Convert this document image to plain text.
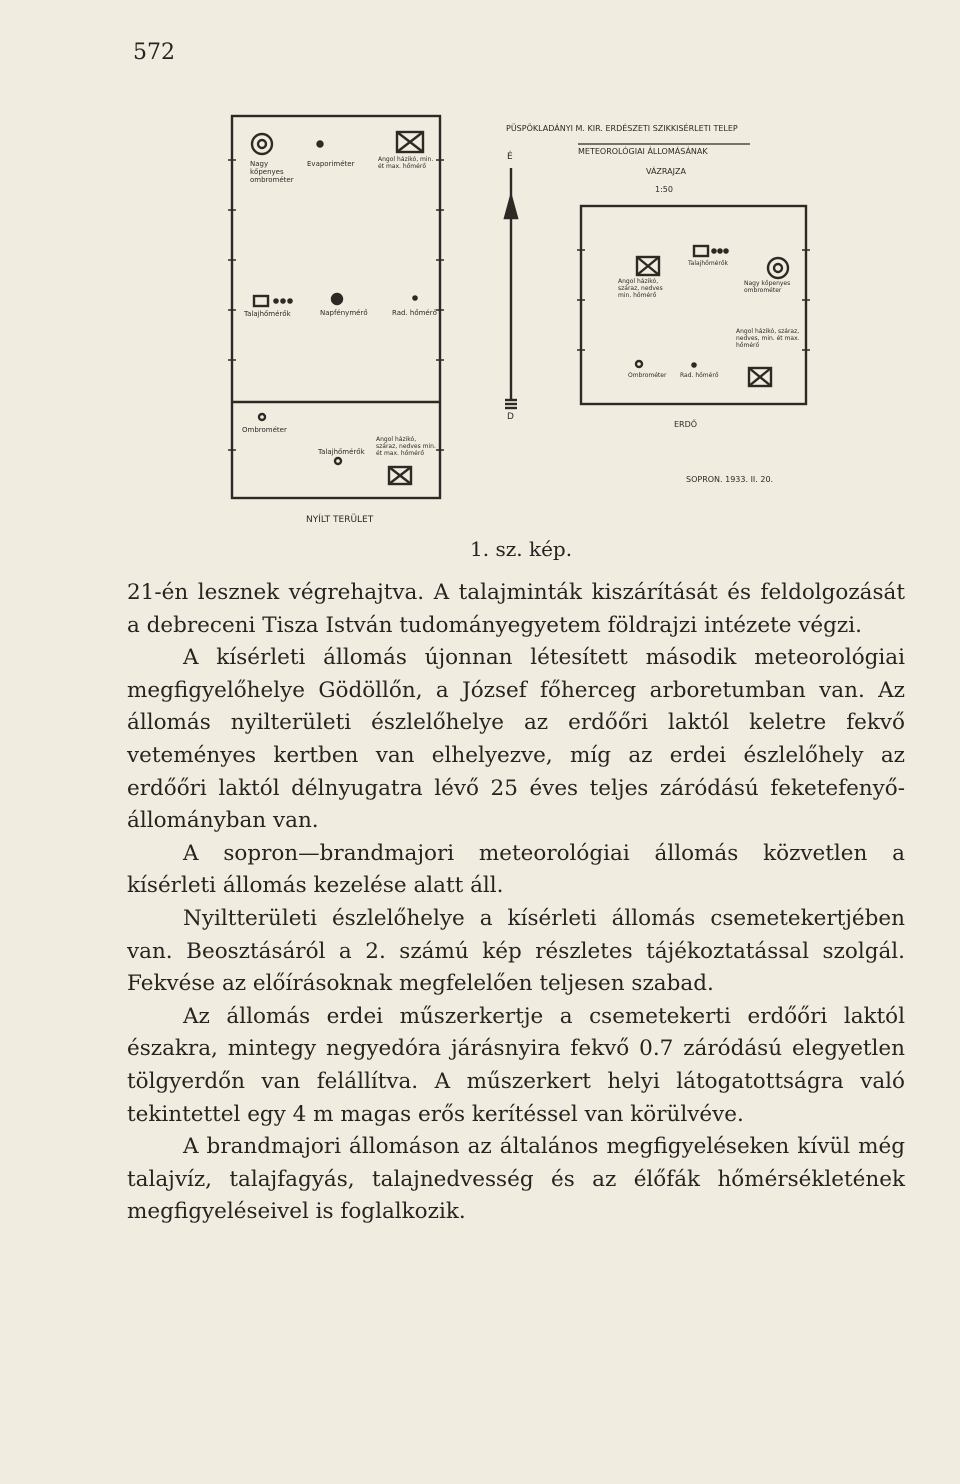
572
Nagy kőpenyes ombrométer
Evaporiméter
Angol házikó, min. ét max. hőmérő
Talajhőmérők	Napfénymérő	Rad. hőmérő
Ombrométer
Talajhőmérők
Angol házikó, száraz, nedves min. ét max. hőmérő
NYÍLT TERÜLET
É
D
PÜSPÖKLADÁNYI M. KIR. ERDÉSZETI SZIKKISÉRLETI TELEP
METEOROLÓGIAI ÁLLOMÁSÁNAK
VÁZRAJZA
1:50
Talajhőmérők
Angol házikó, száraz, nedves min. hőmérő
Nagy kőpenyes ombrométer
Angol házikó, száraz, nedves, min. ét max. hőmérő
Ombrométer Rad. hőmérő
ERDŐ
SOPRON. 1933. II. 20.
1. sz. kép.

21-én lesznek végrehajtva. A talajminták kiszárítását és feldolgozását a debreceni Tisza István tudományegyetem földrajzi intézete végzi.

A kísérleti állomás újonnan létesített második meteorológiai megfigyelőhelye Gödöllőn, a József főherceg arboretumban van. Az állomás nyilterületi észlelőhelye az erdőőri laktól keletre fekvő veteményes kertben van elhelyezve, míg az erdei észlelőhely az erdőőri laktól délnyugatra lévő 25 éves teljes záródású feketefenyő-állományban van.

A sopron—brandmajori meteorológiai állomás közvetlen a kísérleti állomás kezelése alatt áll.

Nyiltterületi észlelőhelye a kísérleti állomás csemetekertjében van. Beosztásáról a 2. számú kép részletes tájékoztatással szolgál. Fekvése az előírásoknak megfelelően teljesen szabad.

Az állomás erdei műszerkertje a csemetekerti erdőőri laktól északra, mintegy negyedóra járásnyira fekvő 0.7 záródású elegyetlen tölgyerdőn van felállítva. A műszerkert helyi látogatottságra való tekintettel egy 4 m magas erős kerítéssel van körülvéve.

A brandmajori állomáson az általános megfigyeléseken kívül még talajvíz, talajfagyás, talajnedvesség és az élőfák hőmérsékletének megfigyeléseivel is foglalkozik.
